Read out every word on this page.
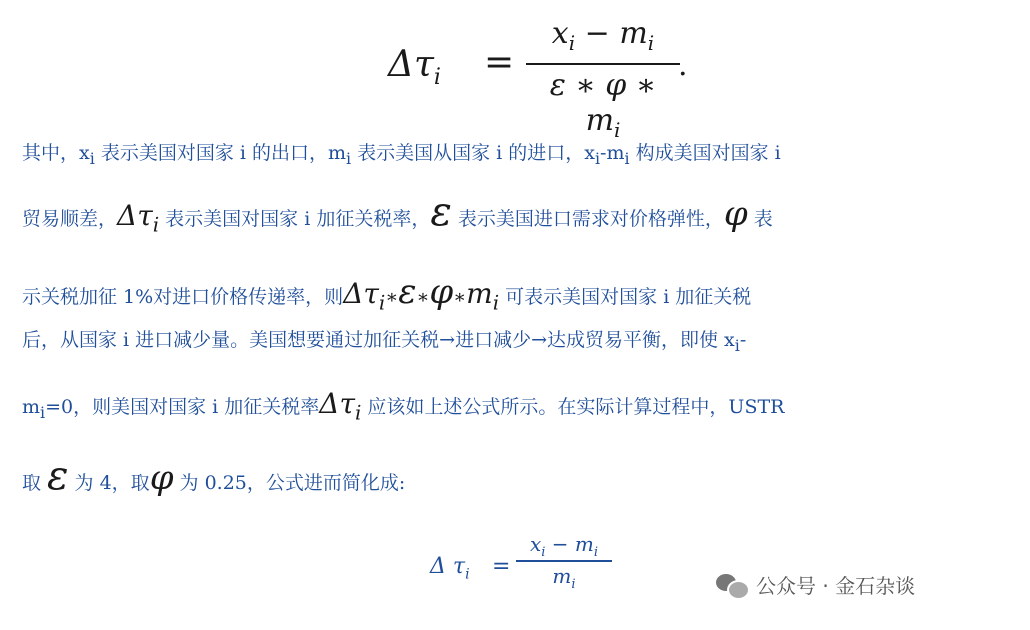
$\Delta\tau_i$ =
$x_i - m_i$
ε ∗ φ ∗ $m_i$
.
其中，$x_i$ 表示美国对国家 i 的出口，$m_i$ 表示美国从国家 i 的进口，$x_i-m_i$ 构成美国对国家 i
贸易顺差，$\Delta\tau_i$ 表示美国对国家 i 加征关税率，ε 表示美国进口需求对价格弹性，φ 表
示关税加征 1%对进口价格传递率，则$\Delta\tau_i∗\varepsilon∗\varphi∗m_i$ 可表示美国对国家 i 加征关税
后，从国家 i 进口减少量。美国想要通过加征关税→进口减少→达成贸易平衡，即使 $x_i-$
$m_i=0$，则美国对国家 i 加征关税率$\Delta\tau_i$ 应该如上述公式所示。在实际计算过程中，USTR
取 ε 为 4，取φ 为 0.25，公式进而简化成:
Δ $\tau_i$ =
$x_i - m_i$
$m_i$	公众号 · 金石杂谈
